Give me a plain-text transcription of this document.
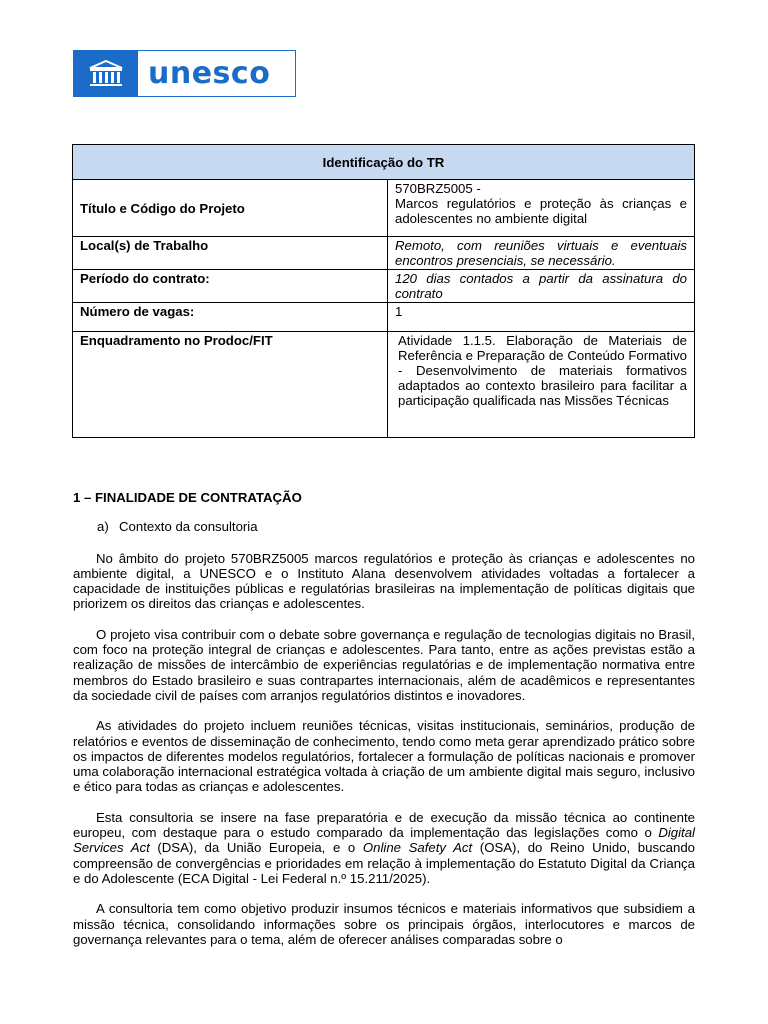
unesco
Identificação do TR	
Título e Código do Projeto	570BRZ5005 -
Marcos regulatórios e proteção às crianças e adolescentes no ambiente digital

Local(s) de Trabalho	Remoto, com reuniões virtuais e eventuais encontros presenciais, se necessário.
Período do contrato:	120 dias contados a partir da assinatura do contrato
Número de vagas:	1
Enquadramento no Prodoc/FIT	Atividade 1.1.5. Elaboração de Materiais de Referência e Preparação de Conteúdo Formativo - Desenvolvimento de materiais formativos adaptados ao contexto brasileiro para facilitar a participação qualificada nas Missões Técnicas
1 – FINALIDADE DE CONTRATAÇÃO
a) Contexto da consultoria

No âmbito do projeto 570BRZ5005 marcos regulatórios e proteção às crianças e adolescentes no ambiente digital, a UNESCO e o Instituto Alana desenvolvem atividades voltadas a fortalecer a capacidade de instituições públicas e regulatórias brasileiras na implementação de políticas digitais que priorizem os direitos das crianças e adolescentes.

O projeto visa contribuir com o debate sobre governança e regulação de tecnologias digitais no Brasil, com foco na proteção integral de crianças e adolescentes. Para tanto, entre as ações previstas estão a realização de missões de intercâmbio de experiências regulatórias e de implementação normativa entre membros do Estado brasileiro e suas contrapartes internacionais, além de acadêmicos e representantes da sociedade civil de países com arranjos regulatórios distintos e inovadores.

As atividades do projeto incluem reuniões técnicas, visitas institucionais, seminários, produção de relatórios e eventos de disseminação de conhecimento, tendo como meta gerar aprendizado prático sobre os impactos de diferentes modelos regulatórios, fortalecer a formulação de políticas nacionais e promover uma colaboração internacional estratégica voltada à criação de um ambiente digital mais seguro, inclusivo e ético para todas as crianças e adolescentes.

Esta consultoria se insere na fase preparatória e de execução da missão técnica ao continente europeu, com destaque para o estudo comparado da implementação das legislações como o Digital Services Act (DSA), da União Europeia, e o Online Safety Act (OSA), do Reino Unido, buscando compreensão de convergências e prioridades em relação à implementação do Estatuto Digital da Criança e do Adolescente (ECA Digital - Lei Federal n.º 15.211/2025).

A consultoria tem como objetivo produzir insumos técnicos e materiais informativos que subsidiem a missão técnica, consolidando informações sobre os principais órgãos, interlocutores e marcos de governança relevantes para o tema, além de oferecer análises comparadas sobre o
